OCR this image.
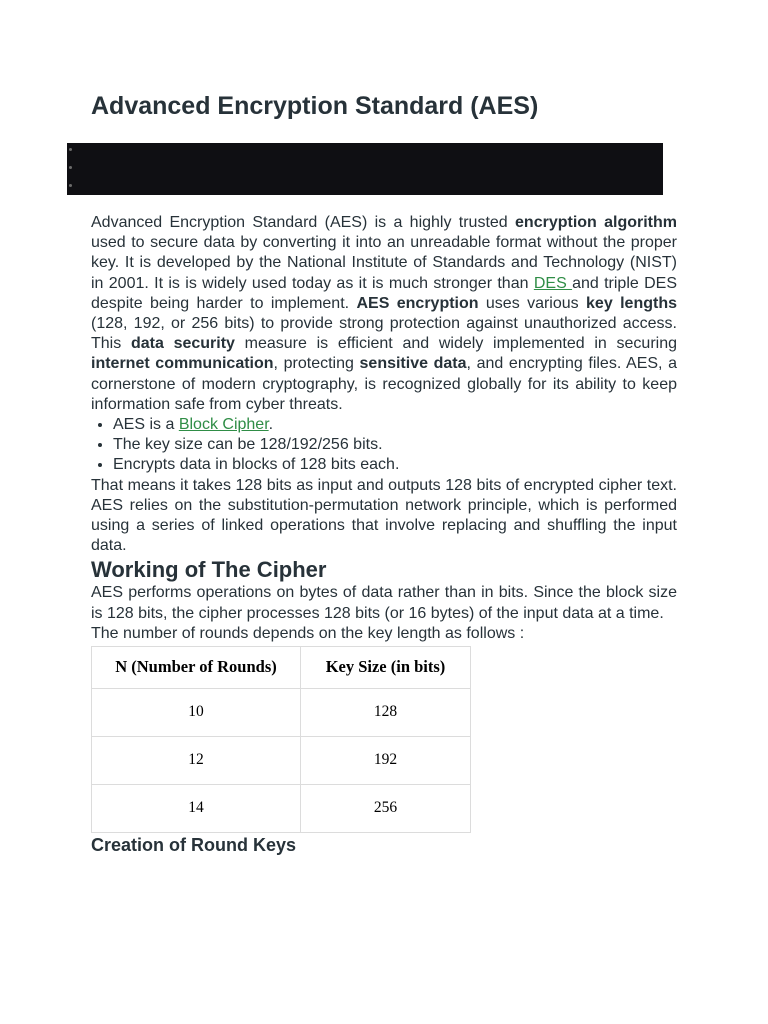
Advanced Encryption Standard (AES)

Advanced Encryption Standard (AES) is a highly trusted encryption algorithm used to secure data by converting it into an unreadable format without the proper key. It is developed by the National Institute of Standards and Technology (NIST) in 2001. It is is widely used today as it is much stronger than DES and triple DES despite being harder to implement. AES encryption uses various key lengths (128, 192, or 256 bits) to provide strong protection against unauthorized access. This data security measure is efficient and widely implemented in securing internet communication, protecting sensitive data, and encrypting files. AES, a cornerstone of modern cryptography, is recognized globally for its ability to keep information safe from cyber threats.

• AES is a Block Cipher.
• The key size can be 128/192/256 bits.
• Encrypts data in blocks of 128 bits each.

That means it takes 128 bits as input and outputs 128 bits of encrypted cipher text. AES relies on the substitution-permutation network principle, which is performed using a series of linked operations that involve replacing and shuffling the input data.

Working of The Cipher

AES performs operations on bytes of data rather than in bits. Since the block size is 128 bits, the cipher processes 128 bits (or 16 bytes) of the input data at a time.

The number of rounds depends on the key length as follows :

N (Number of Rounds)	Key Size (in bits)
10	128
12	192
14	256
Creation of Round Keys
